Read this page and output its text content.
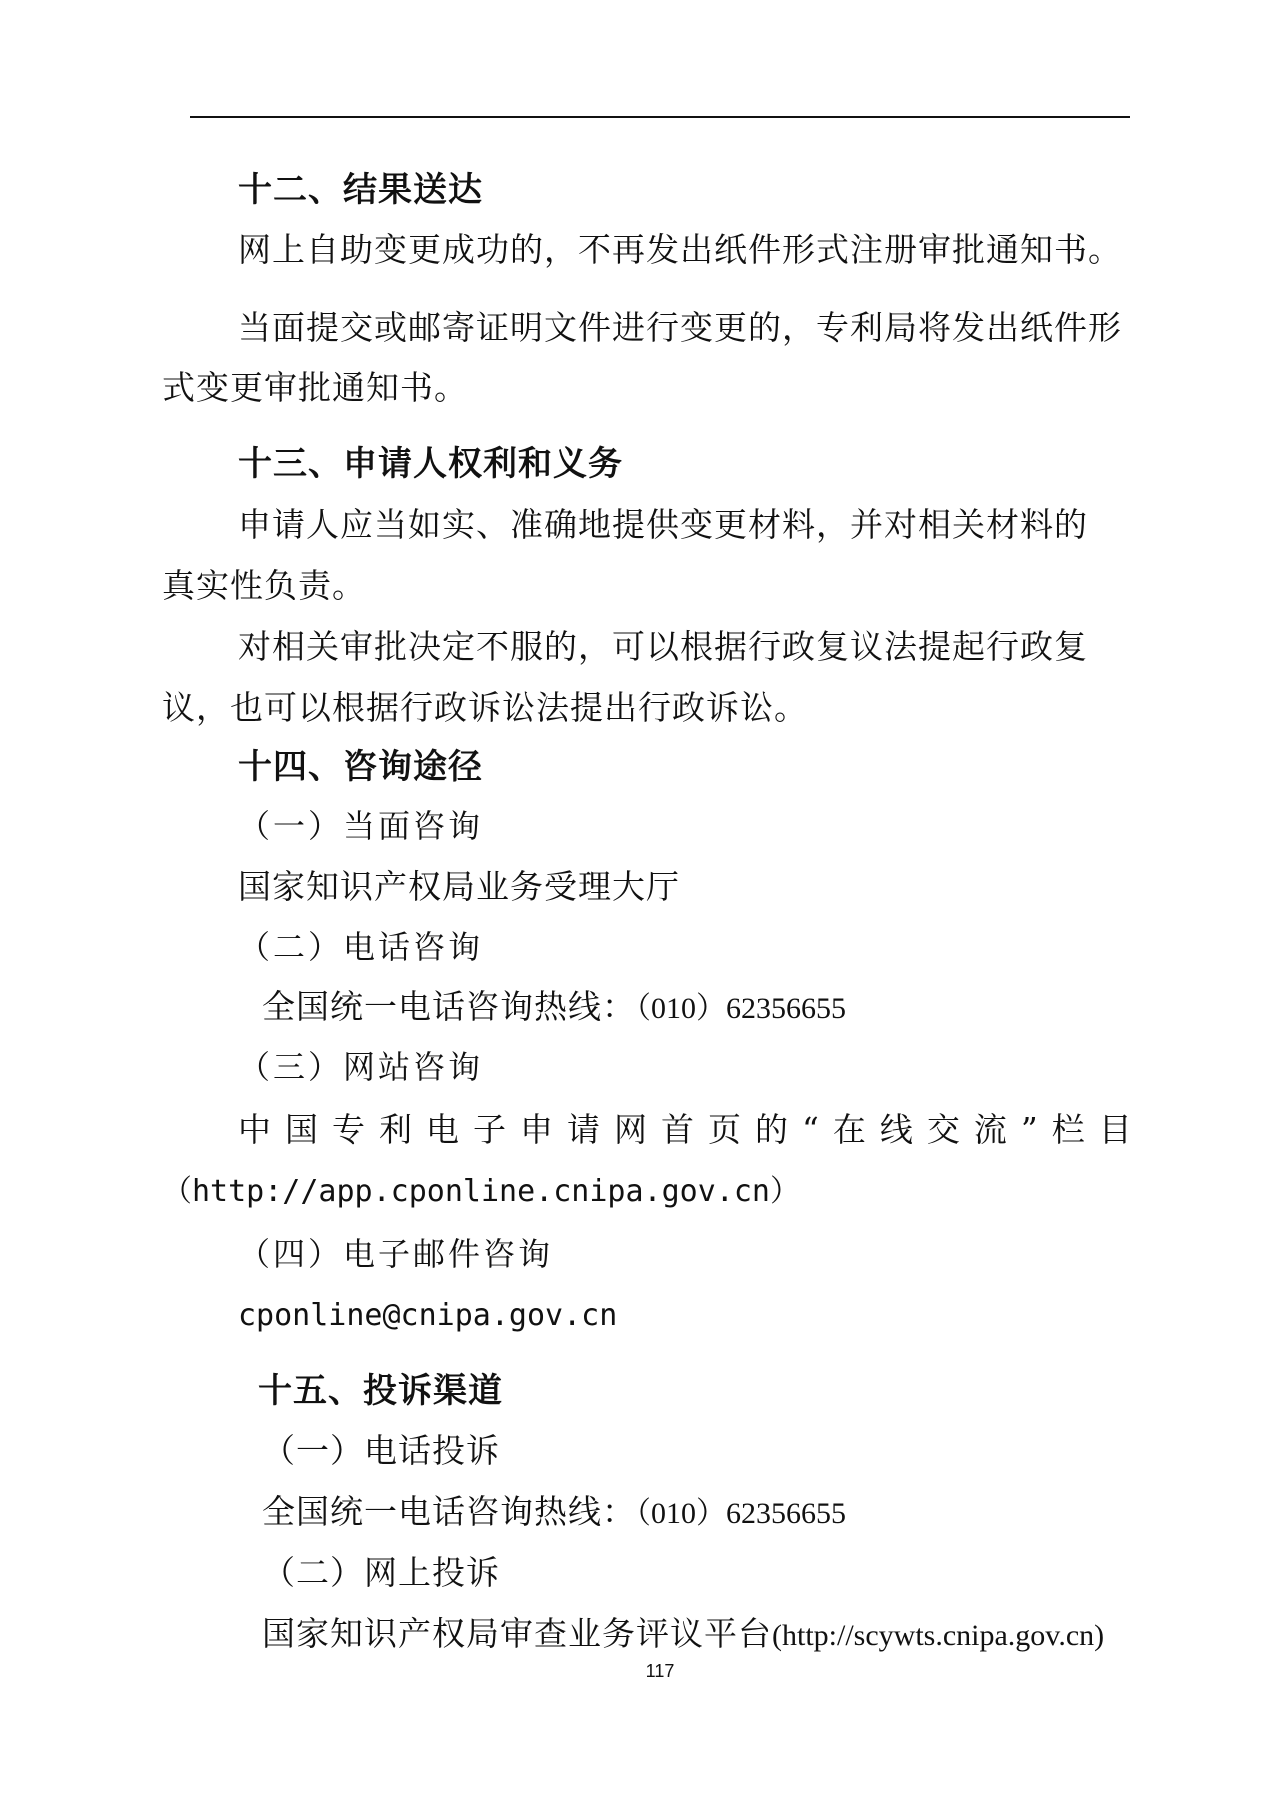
十二、结果送达
网上自助变更成功的，不再发出纸件形式注册审批通知书。
当面提交或邮寄证明文件进行变更的，专利局将发出纸件形
式变更审批通知书。
十三、申请人权利和义务
申请人应当如实、准确地提供变更材料，并对相关材料的
真实性负责。
对相关审批决定不服的，可以根据行政复议法提起行政复
议，也可以根据行政诉讼法提出行政诉讼。
十四、咨询途径
（一）当面咨询
国家知识产权局业务受理大厅
（二）电话咨询
全国统一电话咨询热线：（010）62356655
（三）网站咨询
中国专利电子申请网首页的“在线交流”栏目
（http://app.cponline.cnipa.gov.cn）
（四）电子邮件咨询
cponline@cnipa.gov.cn
十五、投诉渠道
（一）电话投诉
全国统一电话咨询热线：（010）62356655
（二）网上投诉
国家知识产权局审查业务评议平台(http://scywts.cnipa.gov.cn)
117
